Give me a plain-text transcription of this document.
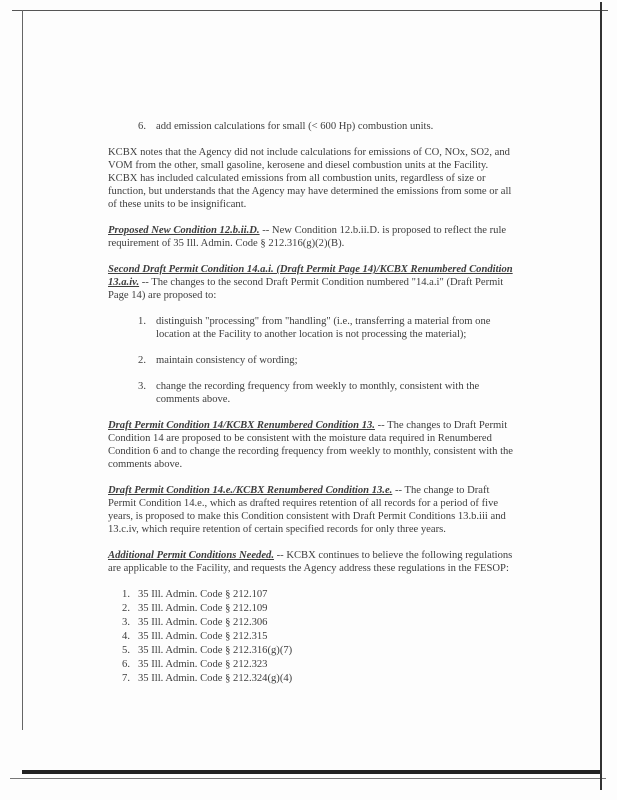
6. add emission calculations for small (< 600 Hp) combustion units.

KCBX notes that the Agency did not include calculations for emissions of CO, NOx, SO2, and VOM from the other, small gasoline, kerosene and diesel combustion units at the Facility. KCBX has included calculated emissions from all combustion units, regardless of size or function, but understands that the Agency may have determined the emissions from some or all of these units to be insignificant.

Proposed New Condition 12.b.ii.D. -- New Condition 12.b.ii.D. is proposed to reflect the rule requirement of 35 Ill. Admin. Code § 212.316(g)(2)(B).

Second Draft Permit Condition 14.a.i. (Draft Permit Page 14)/KCBX Renumbered Condition 13.a.iv. -- The changes to the second Draft Permit Condition numbered "14.a.i" (Draft Permit Page 14) are proposed to:

1. distinguish "processing" from "handling" (i.e., transferring a material from one location at the Facility to another location is not processing the material);
2. maintain consistency of wording;
3. change the recording frequency from weekly to monthly, consistent with the comments above.

Draft Permit Condition 14/KCBX Renumbered Condition 13. -- The changes to Draft Permit Condition 14 are proposed to be consistent with the moisture data required in Renumbered Condition 6 and to change the recording frequency from weekly to monthly, consistent with the comments above.

Draft Permit Condition 14.e./KCBX Renumbered Condition 13.e. -- The change to Draft Permit Condition 14.e., which as drafted requires retention of all records for a period of five years, is proposed to make this Condition consistent with Draft Permit Conditions 13.b.iii and 13.c.iv, which require retention of certain specified records for only three years.

Additional Permit Conditions Needed. -- KCBX continues to believe the following regulations are applicable to the Facility, and requests the Agency address these regulations in the FESOP:

1. 35 Ill. Admin. Code § 212.107
2. 35 Ill. Admin. Code § 212.109
3. 35 Ill. Admin. Code § 212.306
4. 35 Ill. Admin. Code § 212.315
5. 35 Ill. Admin. Code § 212.316(g)(7)
6. 35 Ill. Admin. Code § 212.323
7. 35 Ill. Admin. Code § 212.324(g)(4)
